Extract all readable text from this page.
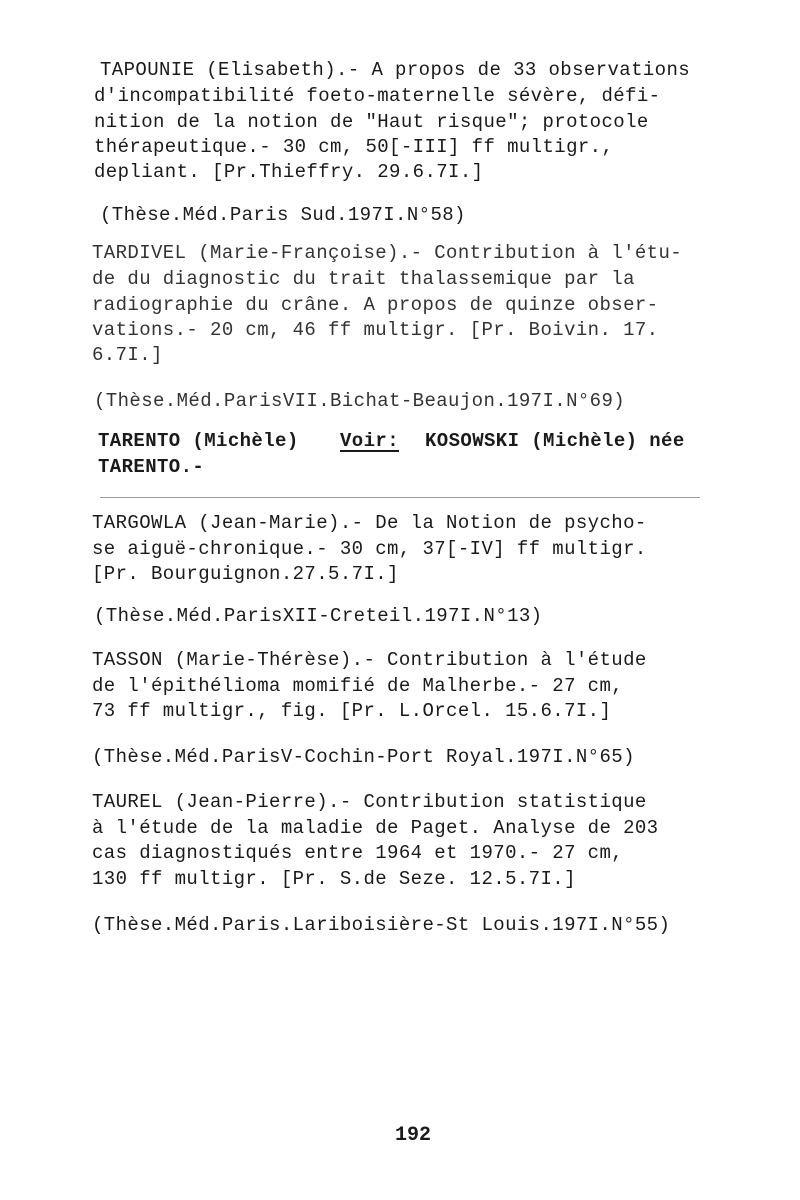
TAPOUNIE (Elisabeth).- A propos de 33 observations
d'incompatibilité foeto-maternelle sévère, défi-
nition de la notion de "Haut risque"; protocole
thérapeutique.- 30 cm, 50[-III] ff multigr.,
depliant. [Pr.Thieffry. 29.6.7I.]
(Thèse.Méd.Paris Sud.197I.N°58)
TARDIVEL (Marie-Françoise).- Contribution à l'étu-
de du diagnostic du trait thalassemique par la
radiographie du crâne. A propos de quinze obser-
vations.- 20 cm, 46 ff multigr. [Pr. Boivin. 17.
6.7I.]
(Thèse.Méd.ParisVII.Bichat-Beaujon.197I.N°69)
TARENTO (Michèle) Voir: KOSOWSKI (Michèle) née
TARENTO.-
TARGOWLA (Jean-Marie).- De la Notion de psycho-
se aiguë-chronique.- 30 cm, 37[-IV] ff multigr.
[Pr. Bourguignon.27.5.7I.]
(Thèse.Méd.ParisXII-Creteil.197I.N°13)
TASSON (Marie-Thérèse).- Contribution à l'étude
de l'épithélioma momifié de Malherbe.- 27 cm,
73 ff multigr., fig. [Pr. L.Orcel. 15.6.7I.]
(Thèse.Méd.ParisV-Cochin-Port Royal.197I.N°65)
TAUREL (Jean-Pierre).- Contribution statistique
à l'étude de la maladie de Paget. Analyse de 203
cas diagnostiqués entre 1964 et 1970.- 27 cm,
130 ff multigr. [Pr. S.de Seze. 12.5.7I.]
(Thèse.Méd.Paris.Lariboisière-St Louis.197I.N°55)
192
